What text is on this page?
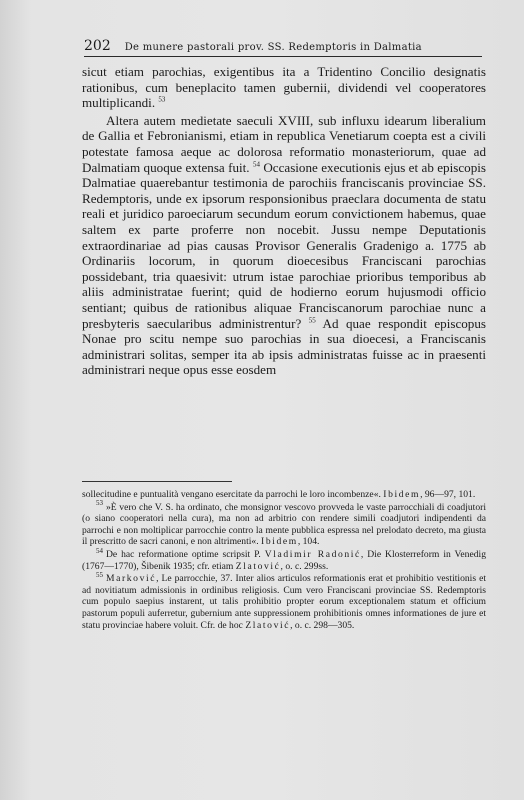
202 De munere pastorali prov. SS. Redemptoris in Dalmatia

sicut etiam parochias, exigentibus ita a Tridentino Concilio designatis rationibus, cum beneplacito tamen gubernii, dividendi vel cooperatores multiplicandi. $^{53}$

Altera autem medietate saeculi XVIII, sub influxu idearum liberalium de Gallia et Febronianismi, etiam in republica Venetiarum coepta est a civili potestate famosa aeque ac dolorosa reformatio monasteriorum, quae ad Dalmatiam quoque extensa fuit. $^{54}$ Occasione executionis ejus et ab episcopis Dalmatiae quaerebantur testimonia de parochiis franciscanis provinciae SS. Redemptoris, unde ex ipsorum responsionibus praeclara documenta de statu reali et juridico paroeciarum secundum eorum convictionem habemus, quae saltem ex parte proferre non nocebit. Jussu nempe Deputationis extraordinariae ad pias causas Provisor Generalis Gradenigo a. 1775 ab Ordinariis locorum, in quorum dioecesibus Franciscani parochias possidebant, tria quaesivit: utrum istae parochiae prioribus temporibus ab aliis administratae fuerint; quid de hodierno eorum hujusmodi officio sentiant; quibus de rationibus aliquae Franciscanorum parochiae nunc a presbyteris saecularibus administrentur? $^{55}$ Ad quae respondit episcopus Nonae pro scitu nempe suo parochias in sua dioecesi, a Franciscanis administrari solitas, semper ita ab ipsis administratas fuisse ac in praesenti administrari neque opus esse eosdem

sollecitudine e puntualità vengano esercitate da parrochi le loro incombenze«. Ibidem, 96—97, 101.

$^{53}$ »È vero che V. S. ha ordinato, che monsignor vescovo provveda le vaste parrocchiali di coadjutori (o siano cooperatori nella cura), ma non ad arbitrio con rendere simili coadjutori indipendenti da parrochi e non moltiplicar parrocchie contro la mente pubblica espressa nel prelodato decreto, ma giusta il prescritto de sacri canoni, e non altrimenti«. Ibidem, 104.

$^{54}$ De hac reformatione optime scripsit P. Vladimir Radonić, Die Klosterreform in Venedig (1767—1770), Šibenik 1935; cfr. etiam Zlatović, o. c. 299ss.

$^{55}$ Marković, Le parrocchie, 37. Inter alios articulos reformationis erat et prohibitio vestitionis et ad novitiatum admissionis in ordinibus religiosis. Cum vero Franciscani provinciae SS. Redemptoris cum populo saepius instarent, ut talis prohibitio propter eorum exceptionalem statum et officium pastorum populi auferretur, gubernium ante suppressionem prohibitionis omnes informationes de jure et statu provinciae habere voluit. Cfr. de hoc Zlatović, o. c. 298—305.
